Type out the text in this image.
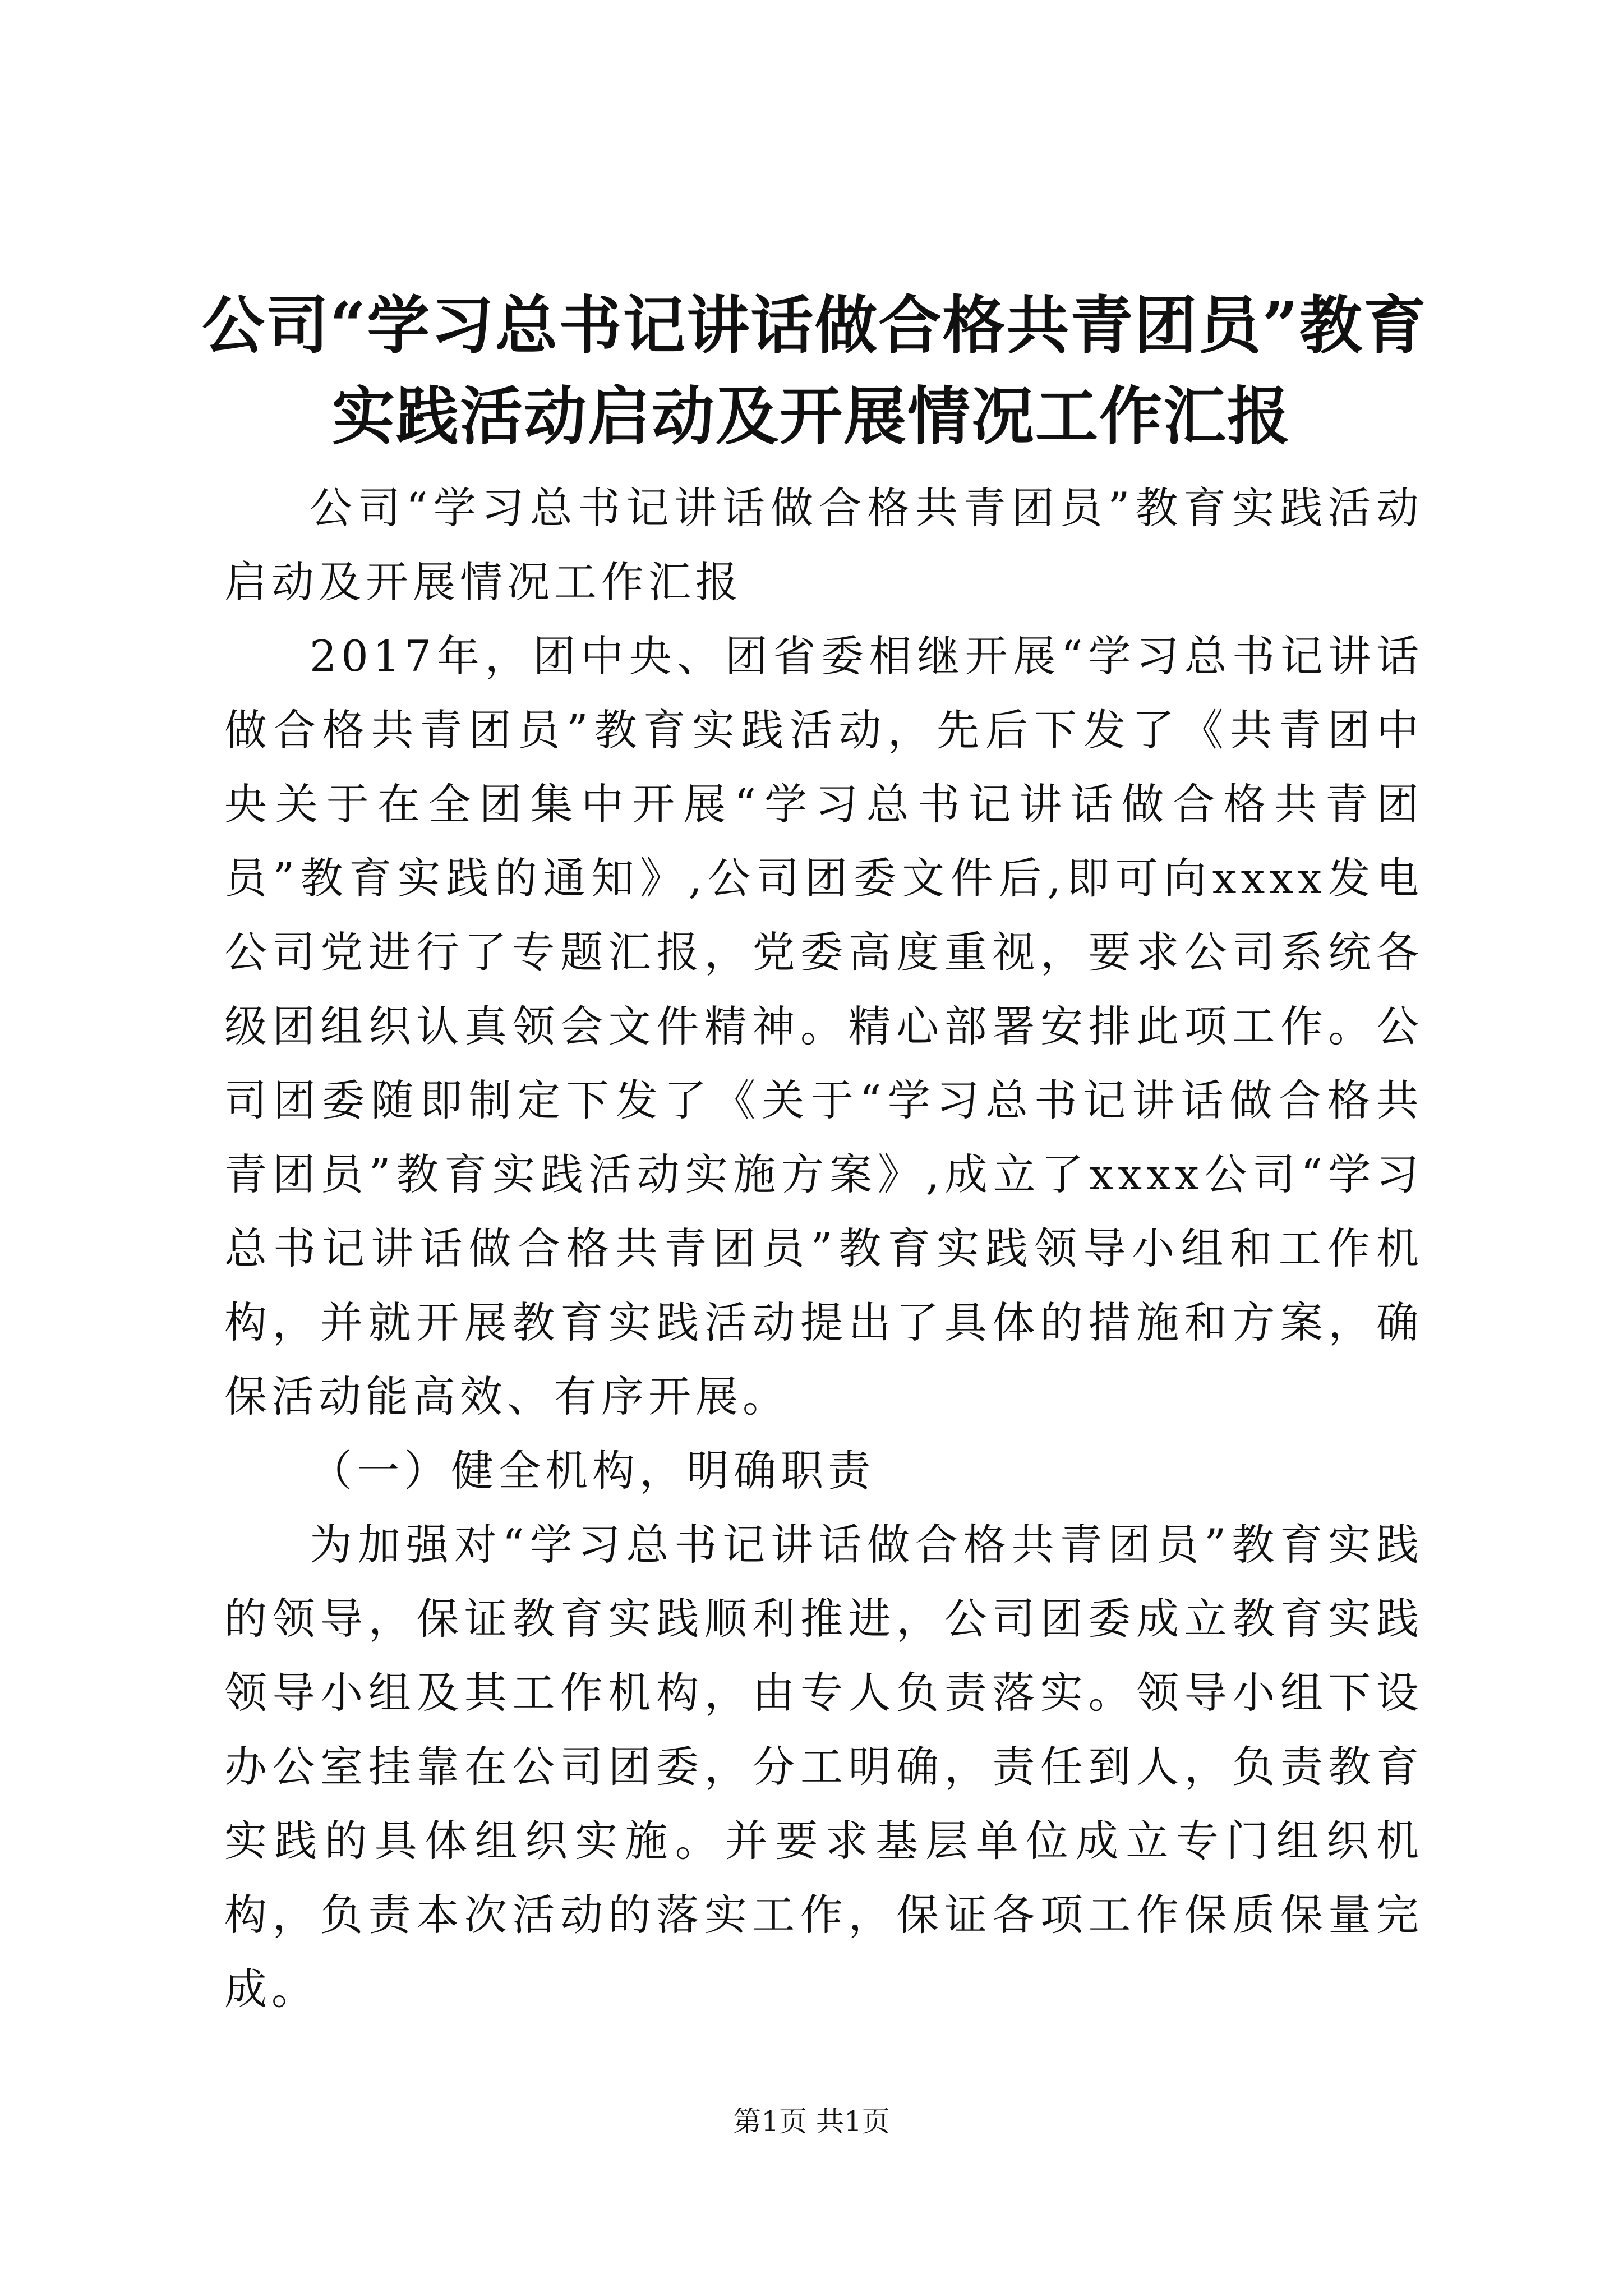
公司“学习总书记讲话做合格共青团员”教育
实践活动启动及开展情况工作汇报

公司“学习总书记讲话做合格共青团员”教育实践活动启动及开展情况工作汇报

2017年，团中央、团省委相继开展“学习总书记讲话做合格共青团员”教育实践活动，先后下发了《共青团中央关于在全团集中开展“学习总书记讲话做合格共青团员”教育实践的通知》,公司团委文件后,即可向xxxx发电公司党进行了专题汇报，党委高度重视，要求公司系统各级团组织认真领会文件精神。精心部署安排此项工作。公司团委随即制定下发了《关于“学习总书记讲话做合格共青团员”教育实践活动实施方案》,成立了xxxx公司“学习总书记讲话做合格共青团员”教育实践领导小组和工作机构，并就开展教育实践活动提出了具体的措施和方案，确保活动能高效、有序开展。

（一）健全机构，明确职责

为加强对“学习总书记讲话做合格共青团员”教育实践的领导，保证教育实践顺利推进，公司团委成立教育实践领导小组及其工作机构，由专人负责落实。领导小组下设办公室挂靠在公司团委，分工明确，责任到人，负责教育实践的具体组织实施。并要求基层单位成立专门组织机构，负责本次活动的落实工作，保证各项工作保质保量完成。

第1页 共1页
